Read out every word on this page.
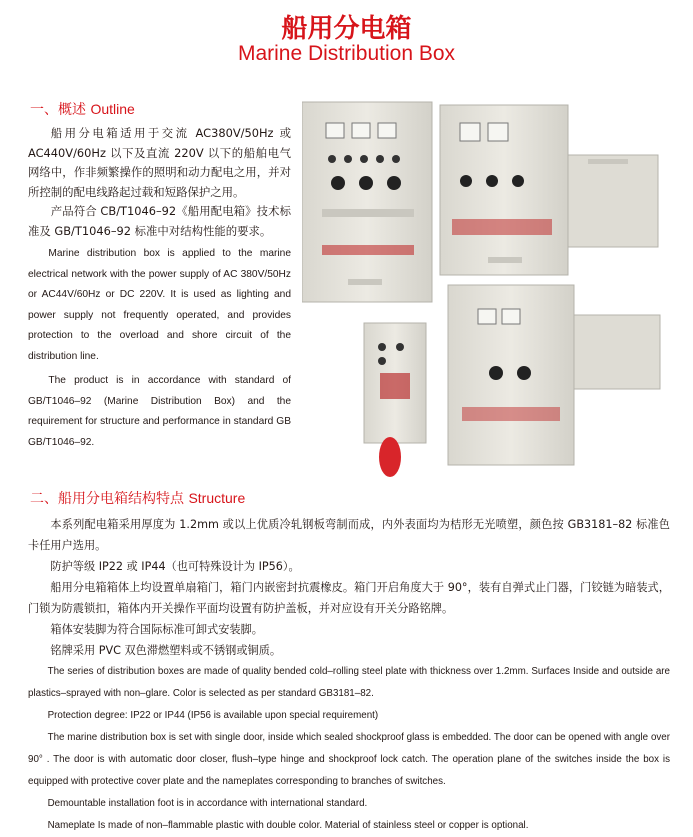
船用分电箱
Marine Distribution Box
一、概述 Outline

船用分电箱适用于交流 AC380V/50Hz 或 AC440V/60Hz 以下及直流 220V 以下的船舶电气网络中，作非频繁操作的照明和动力配电之用，并对所控制的配电线路起过载和短路保护之用。

产品符合 CB/T1046–92《船用配电箱》技术标准及 GB/T1046–92 标准中对结构性能的要求。

Marine distribution box is applied to the marine electrical network with the power supply of AC 380V/50Hz or AC44V/60Hz or DC 220V. It is used as lighting and power supply not frequently operated, and provides protection to the overload and shore circuit of the distribution line.

The product is in accordance with standard of GB/T1046–92 (Marine Distribution Box) and the requirement for structure and performance in standard GB GB/T1046–92.

二、船用分电箱结构特点 Structure

本系列配电箱采用厚度为 1.2mm 或以上优质冷轧钢板弯制而成，内外表面均为桔形无光喷塑，颜色按 GB3181–82 标准色卡任用户选用。

防护等级 IP22 或 IP44（也可特殊设计为 IP56）。

船用分电箱箱体上均设置单扇箱门，箱门内嵌密封抗震橡皮。箱门开启角度大于 90°，装有自弹式止门器，门铰链为暗装式，门锁为防震锁扣，箱体内开关操作平面均设置有防护盖板，并对应设有开关分路铭牌。

箱体安装脚为符合国际标准可卸式安装脚。

铭牌采用 PVC 双色滞燃塑料或不锈钢或铜质。

The series of distribution boxes are made of quality bended cold–rolling steel plate with thickness over 1.2mm. Surfaces Inside and outside are plastics–sprayed with non–glare. Color is selected as per standard GB3181–82.

Protection degree: IP22 or IP44 (IP56 is available upon special requirement)

The marine distribution box is set with single door, inside which sealed shockproof glass is embedded. The door can be opened with angle over 90° . The door is with automatic door closer, flush–type hinge and shockproof lock catch. The operation plane of the switches inside the box is equipped with protective cover plate and the nameplates corresponding to branches of switches.

Demountable installation foot is in accordance with international standard.

Nameplate Is made of non–flammable plastic with double color. Material of stainless steel or copper is optional.
